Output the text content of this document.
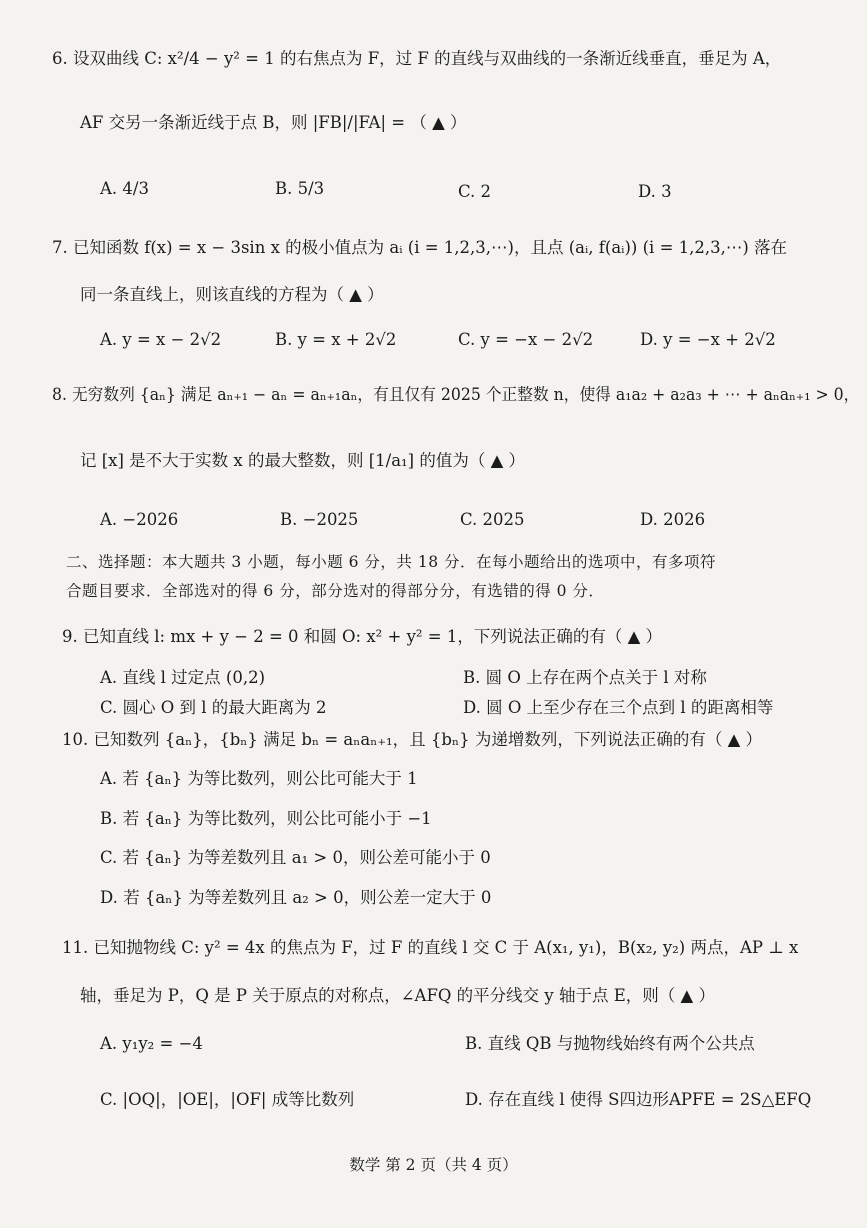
6. 设双曲线 C: x²/4 − y² = 1 的右焦点为 F，过 F 的直线与双曲线的一条渐近线垂直，垂足为 A，
AF 交另一条渐近线于点 B，则 |FB|/|FA| = （ ▲ ）
A. 4/3	B. 5/3	C. 2	D. 3
7. 已知函数 f(x) = x − 3sin x 的极小值点为 aᵢ (i = 1,2,3,⋯)，且点 (aᵢ, f(aᵢ)) (i = 1,2,3,⋯) 落在
同一条直线上，则该直线的方程为（ ▲ ）
A. y = x − 2√2	B. y = x + 2√2	C. y = −x − 2√2	D. y = −x + 2√2
8. 无穷数列 {aₙ} 满足 aₙ₊₁ − aₙ = aₙ₊₁aₙ，有且仅有 2025 个正整数 n，使得 a₁a₂ + a₂a₃ + ⋯ + aₙaₙ₊₁ > 0，
记 [x] 是不大于实数 x 的最大整数，则 [1/a₁] 的值为（ ▲ ）
A. −2026	B. −2025	C. 2025	D. 2026
二、选择题：本大题共 3 小题，每小题 6 分，共 18 分．在每小题给出的选项中，有多项符
合题目要求．全部选对的得 6 分，部分选对的得部分分，有选错的得 0 分．
9. 已知直线 l: mx + y − 2 = 0 和圆 O: x² + y² = 1，下列说法正确的有（ ▲ ）
A. 直线 l 过定点 (0,2)	B. 圆 O 上存在两个点关于 l 对称
C. 圆心 O 到 l 的最大距离为 2	D. 圆 O 上至少存在三个点到 l 的距离相等
10. 已知数列 {aₙ}，{bₙ} 满足 bₙ = aₙaₙ₊₁，且 {bₙ} 为递增数列，下列说法正确的有（ ▲ ）
A. 若 {aₙ} 为等比数列，则公比可能大于 1
B. 若 {aₙ} 为等比数列，则公比可能小于 −1
C. 若 {aₙ} 为等差数列且 a₁ > 0，则公差可能小于 0
D. 若 {aₙ} 为等差数列且 a₂ > 0，则公差一定大于 0
11. 已知抛物线 C: y² = 4x 的焦点为 F，过 F 的直线 l 交 C 于 A(x₁, y₁)，B(x₂, y₂) 两点，AP ⊥ x
轴，垂足为 P，Q 是 P 关于原点的对称点，∠AFQ 的平分线交 y 轴于点 E，则（ ▲ ）
A. y₁y₂ = −4	B. 直线 QB 与抛物线始终有两个公共点
C. |OQ|，|OE|，|OF| 成等比数列	D. 存在直线 l 使得 S四边形APFE = 2S△EFQ
数学 第 2 页（共 4 页）
